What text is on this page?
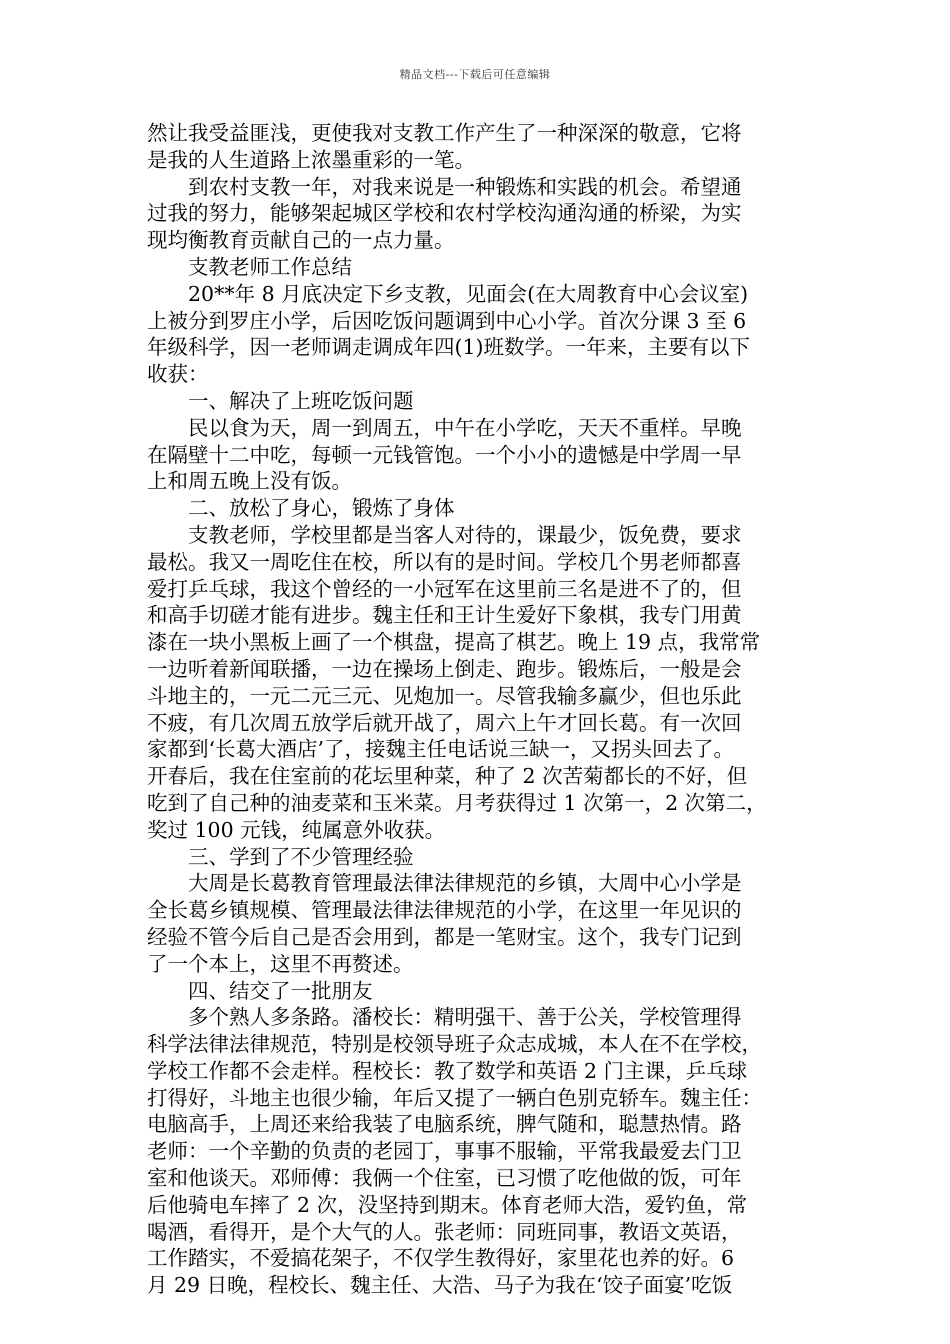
精品文档---下载后可任意编辑
然让我受益匪浅，更使我对支教工作产生了一种深深的敬意，它将
是我的人生道路上浓墨重彩的一笔。
到农村支教一年，对我来说是一种锻炼和实践的机会。希望通
过我的努力，能够架起城区学校和农村学校沟通沟通的桥梁，为实
现均衡教育贡献自己的一点力量。
支教老师工作总结
20**年 8 月底决定下乡支教，见面会(在大周教育中心会议室)
上被分到罗庄小学，后因吃饭问题调到中心小学。首次分课 3 至 6
年级科学，因一老师调走调成年四(1)班数学。一年来，主要有以下
收获：
一、解决了上班吃饭问题
民以食为天，周一到周五，中午在小学吃，天天不重样。早晚
在隔壁十二中吃，每顿一元钱管饱。一个小小的遗憾是中学周一早
上和周五晚上没有饭。
二、放松了身心，锻炼了身体
支教老师，学校里都是当客人对待的，课最少，饭免费，要求
最松。我又一周吃住在校，所以有的是时间。学校几个男老师都喜
爱打乒乓球，我这个曾经的一小冠军在这里前三名是进不了的，但
和高手切磋才能有进步。魏主任和王计生爱好下象棋，我专门用黄
漆在一块小黑板上画了一个棋盘，提高了棋艺。晚上 19 点，我常常
一边听着新闻联播，一边在操场上倒走、跑步。锻炼后，一般是会
斗地主的，一元二元三元、见炮加一。尽管我输多赢少，但也乐此
不疲，有几次周五放学后就开战了，周六上午才回长葛。有一次回
家都到‘长葛大酒店’了，接魏主任电话说三缺一，又拐头回去了。
开春后，我在住室前的花坛里种菜，种了 2 次苦菊都长的不好，但
吃到了自己种的油麦菜和玉米菜。月考获得过 1 次第一，2 次第二，
奖过 100 元钱，纯属意外收获。
三、学到了不少管理经验
大周是长葛教育管理最法律法律规范的乡镇，大周中心小学是
全长葛乡镇规模、管理最法律法律规范的小学，在这里一年见识的
经验不管今后自己是否会用到，都是一笔财宝。这个，我专门记到
了一个本上，这里不再赘述。
四、结交了一批朋友
多个熟人多条路。潘校长：精明强干、善于公关，学校管理得
科学法律法律规范，特别是校领导班子众志成城，本人在不在学校，
学校工作都不会走样。程校长：教了数学和英语 2 门主课，乒乓球
打得好，斗地主也很少输，年后又提了一辆白色别克轿车。魏主任：
电脑高手，上周还来给我装了电脑系统，脾气随和，聪慧热情。路
老师：一个辛勤的负责的老园丁，事事不服输，平常我最爱去门卫
室和他谈天。邓师傅：我俩一个住室，已习惯了吃他做的饭，可年
后他骑电车摔了 2 次，没坚持到期末。体育老师大浩，爱钓鱼，常
喝酒，看得开，是个大气的人。张老师：同班同事，教语文英语，
工作踏实，不爱搞花架子，不仅学生教得好，家里花也养的好。6
月 29 日晚，程校长、魏主任、大浩、马子为我在‘饺子面宴’吃饭
